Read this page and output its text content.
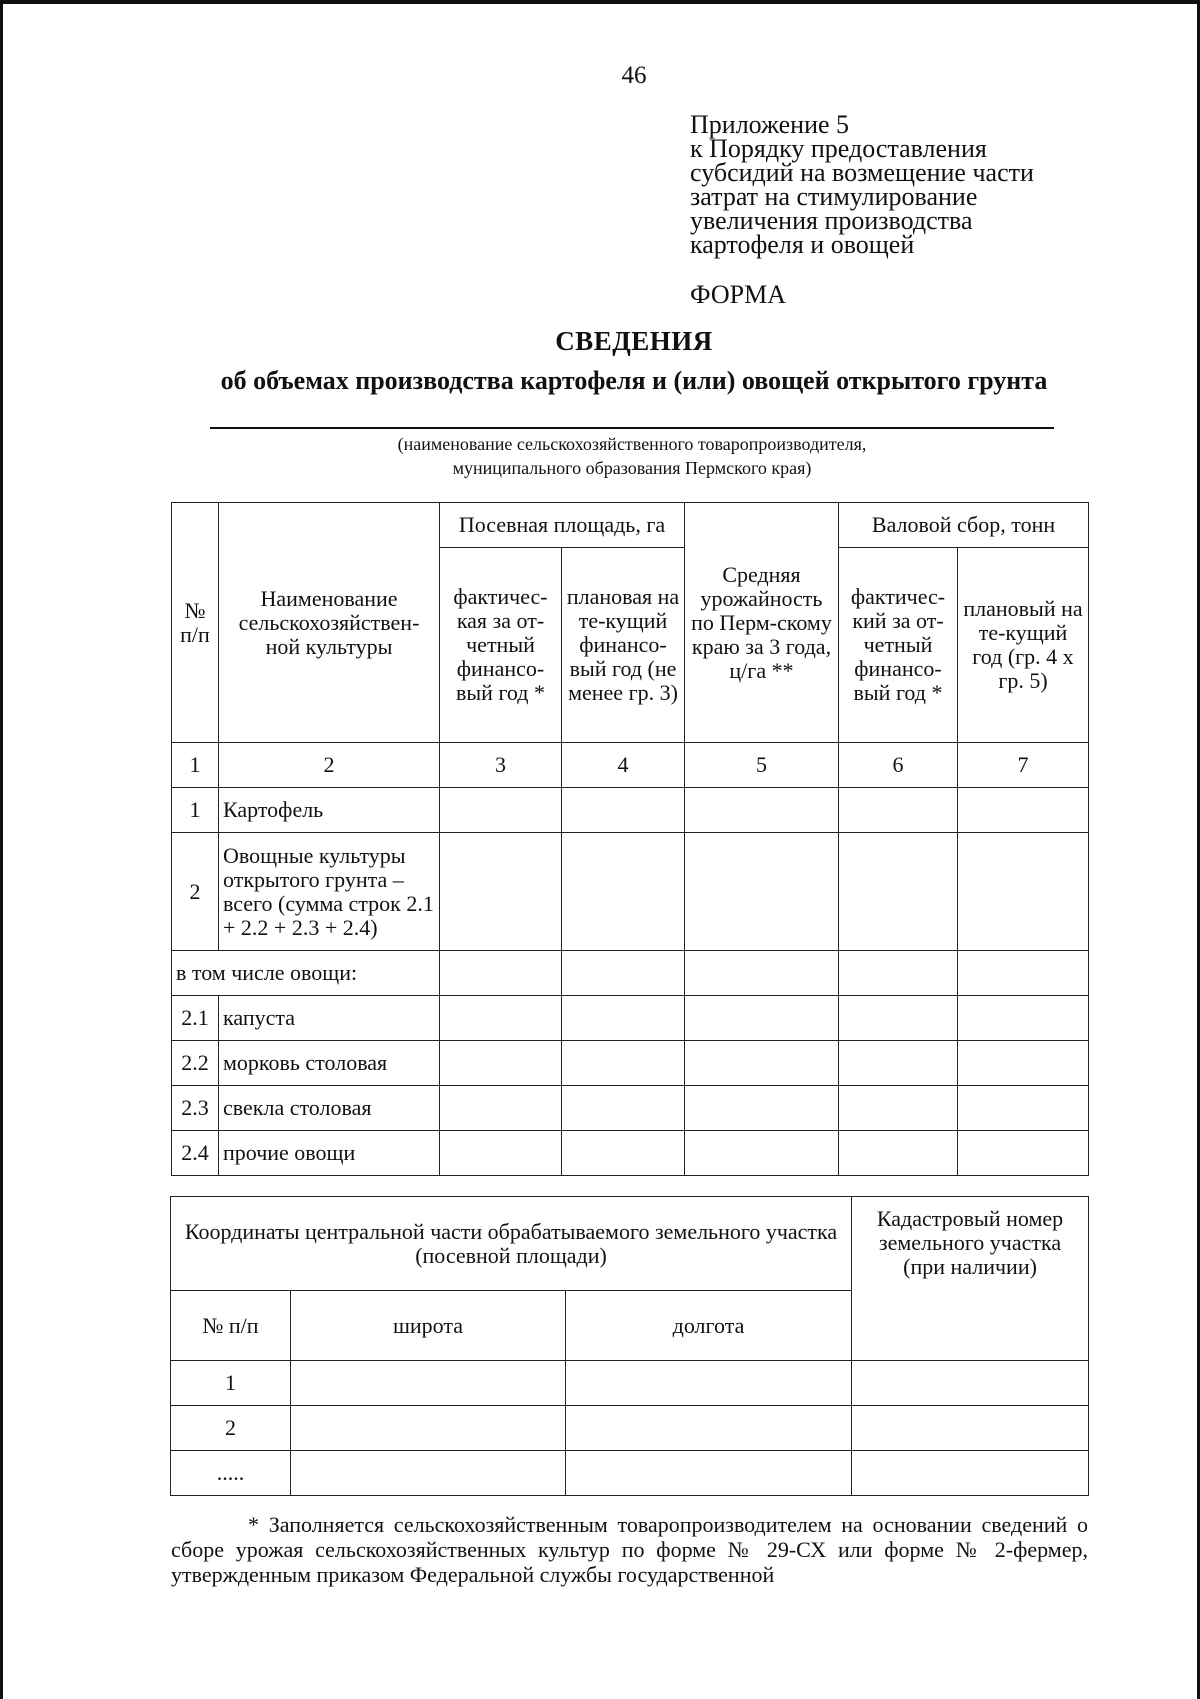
46
Приложение 5
к Порядку предоставления
субсидий на возмещение части
затрат на стимулирование
увеличения производства
картофеля и овощей
ФОРМА
СВЕДЕНИЯ
об объемах производства картофеля и (или) овощей открытого грунта
(наименование сельскохозяйственного товаропроизводителя,
муниципального образования Пермского края)
№ п/п	Наименование сельскохозяйствен-ной культуры	Посевная площадь, га		Средняя урожайность по Перм-скому краю за 3 года, ц/га **	Валовой сбор, тонн	
		фактичес-кая за от-четный финансо-вый год *	плановая на те-кущий финансо-вый год (не менее гр. 3)		фактичес-кий за от-четный финансо-вый год *	плановый на те-кущий год (гр. 4 х гр. 5)
1	2	3	4	5	6	7
1	Картофель					
2	Овощные культуры открытого грунта – всего (сумма строк 2.1 + 2.2 + 2.3 + 2.4)					
в том числе овощи:						
2.1	капуста					
2.2	морковь столовая					
2.3	свекла столовая					
2.4	прочие овощи					
Координаты центральной части обрабатываемого земельного участка (посевной площади)			Кадастровый номер земельного участка (при наличии)
№ п/п	широта	долгота	
1			
2			
.....			
* Заполняется сельскохозяйственным товаропроизводителем на основании сведений о сборе урожая сельскохозяйственных культур по форме № 29-СХ или форме № 2-фермер, утвержденным приказом Федеральной службы государственной
